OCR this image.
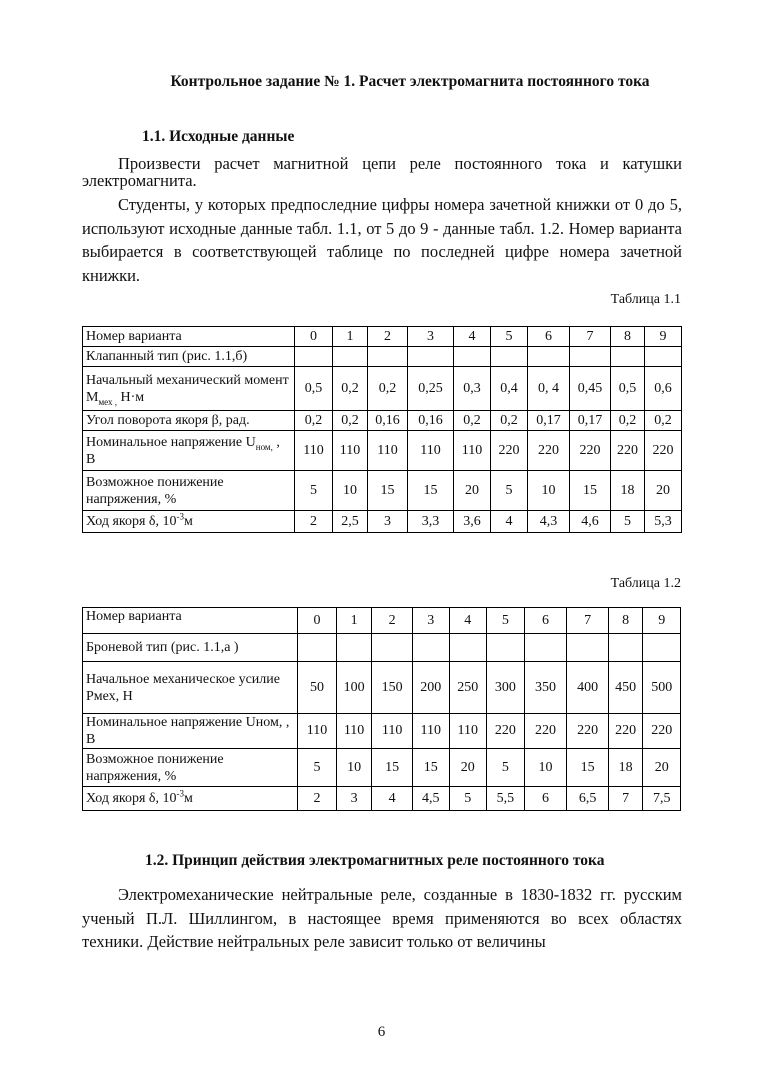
Контрольное задание № 1. Расчет электромагнита постоянного тока
1.1. Исходные данные
Произвести расчет магнитной цепи реле постоянного тока и катушки электромагнита.
Студенты, у которых предпоследние цифры номера зачетной книжки от 0 до 5, используют исходные данные табл. 1.1, от 5 до 9 - данные табл. 1.2. Номер варианта выбирается в соответствующей таблице по последней цифре номера зачетной книжки.
Таблица 1.1
Номер варианта	0	1	2	3	4	5	6	7	8	9
Клапанный тип (рис. 1.1,б)										
Начальный механический момент $М_{мех ,}$ Н·м	0,5	0,2	0,2	0,25	0,3	0,4	0, 4	0,45	0,5	0,6
Угол поворота якоря β, рад.	0,2	0,2	0,16	0,16	0,2	0,2	0,17	0,17	0,2	0,2
Номинальное напряжение $U_{ном,}$ , В	110	110	110	110	110	220	220	220	220	220
Возможное понижение напряжения, %	5	10	15	15	20	5	10	15	18	20
Ход якоря δ, $10^{-3}м$	2	2,5	3	3,3	3,6	4	4,3	4,6	5	5,3
Таблица 1.2
Номер варианта	0	1	2	3	4	5	6	7	8	9
Броневой тип (рис. 1.1,а )										
Начальное механическое усилие Рмех, Н	50	100	150	200	250	300	350	400	450	500
Номинальное напряжение Uном, , В	110	110	110	110	110	220	220	220	220	220
Возможное понижение напряжения, %	5	10	15	15	20	5	10	15	18	20
Ход якоря δ, $10^{-3}м$	2	3	4	4,5	5	5,5	6	6,5	7	7,5
1.2. Принцип действия электромагнитных реле постоянного тока
Электромеханические нейтральные реле, созданные в 1830-1832 гг. русским ученый П.Л. Шиллингом, в настоящее время применяются во всех областях техники. Действие нейтральных реле зависит только от величины
6
